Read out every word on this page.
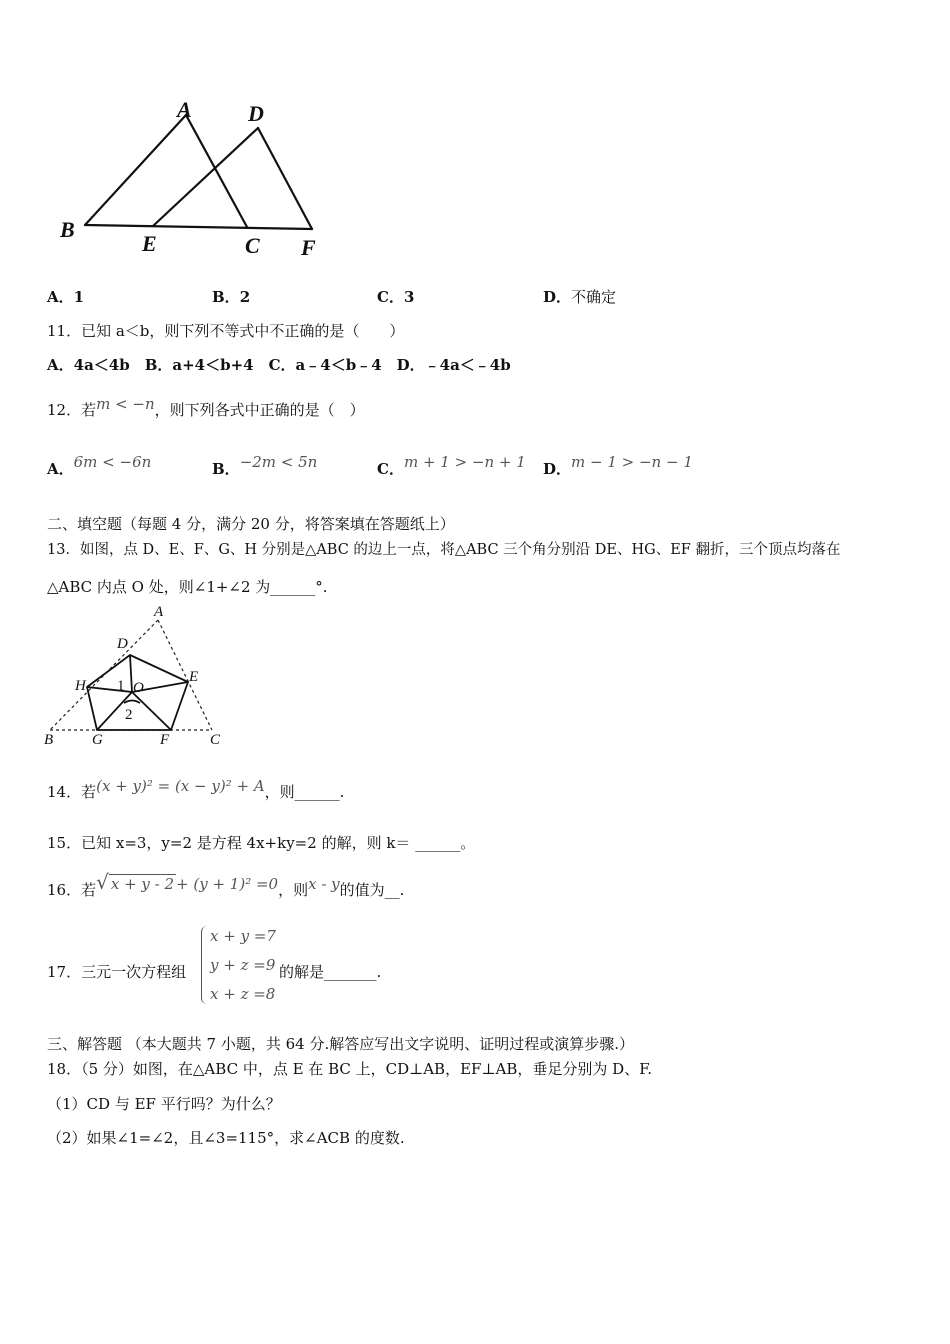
A	D
B
E	C F
A．1	B．2	C．3	D．不确定
11．已知 a＜b，则下列不等式中不正确的是（　　）
A．4a＜4b　B．a+4＜b+4　C．a﹣4＜b﹣4　D．﹣4a＜﹣4b
12．若m < −n，则下列各式中正确的是（　）
A．6m < −6n	B．−2m < 5n	C．m + 1 > −n + 1 D．m − 1 > −n − 1
二、填空题（每题 4 分，满分 20 分，将答案填在答题纸上）
13．如图，点 D、E、F、G、H 分别是△ABC 的边上一点，将△ABC 三个角分别沿 DE、HG、EF 翻折，三个顶点均落在
△ABC 内点 O 处，则∠1+∠2 为______°.
A
D
E
H 1 O
2
B	G	F	C
14．若(x + y)² = (x − y)² + A，则______.
15．已知 x=3，y=2 是方程 4x+ky=2 的解，则 k＝ ______。
16．若√ x + y - 2 + (y + 1)² =0，则x - y的值为__.
17．三元一次方程组
x + y =7
y + z =9
x + z =8
的解是_______.
三、解答题 （本大题共 7 小题，共 64 分.解答应写出文字说明、证明过程或演算步骤.）
18．（5 分）如图，在△ABC 中，点 E 在 BC 上，CD⊥AB，EF⊥AB，垂足分别为 D、F.
（1）CD 与 EF 平行吗？为什么？
（2）如果∠1=∠2，且∠3=115°，求∠ACB 的度数.
